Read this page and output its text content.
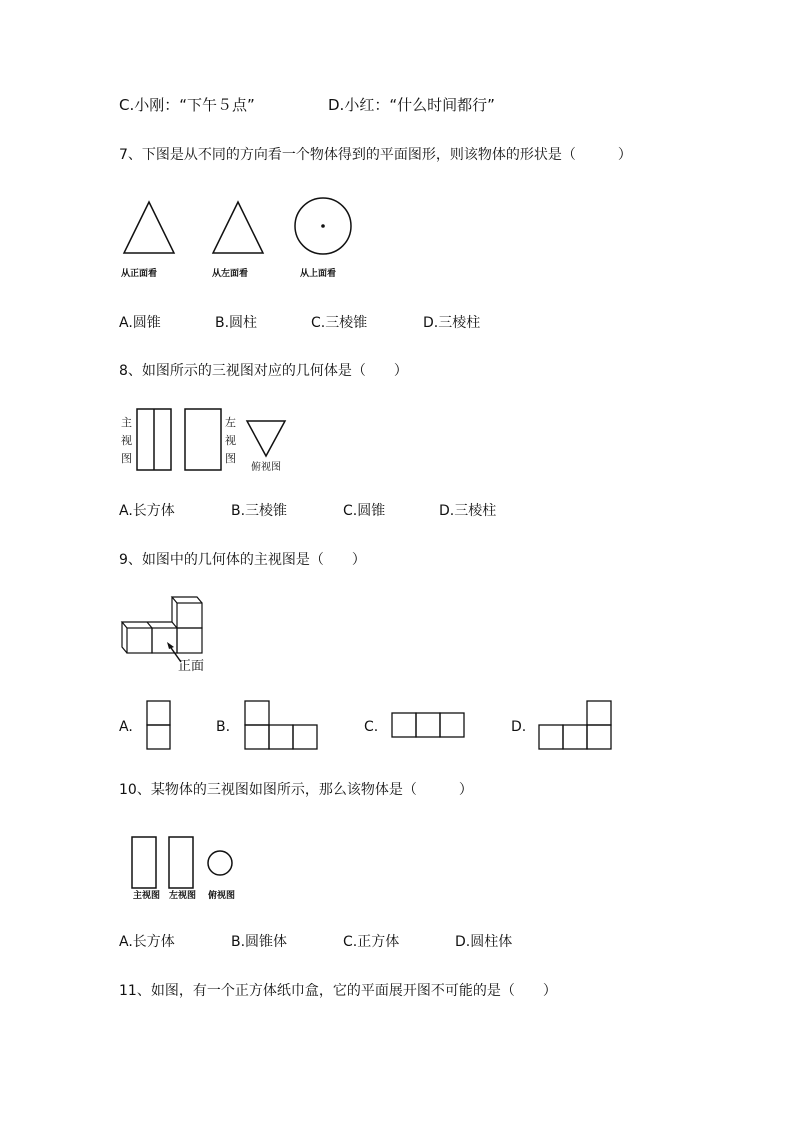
C.小刚：“下午５点”	D.小红：“什么时间都行”
7、下图是从不同的方向看一个物体得到的平面图形，则该物体的形状是（　　　）
从正面看	从左面看	从上面看
A.圆锥	B.圆柱	C.三棱锥	D.三棱柱
8、如图所示的三视图对应的几何体是（　　）
主
视
图
左
视
图
俯视图
A.长方体	B.三棱锥	C.圆锥	D.三棱柱
9、如图中的几何体的主视图是（　　）
正面
A.	B.	C.	D.
10、某物体的三视图如图所示，那么该物体是（　　　）
主视图 左视图 俯视图
A.长方体	B.圆锥体	C.正方体	D.圆柱体
11、如图，有一个正方体纸巾盒，它的平面展开图不可能的是（　　）
